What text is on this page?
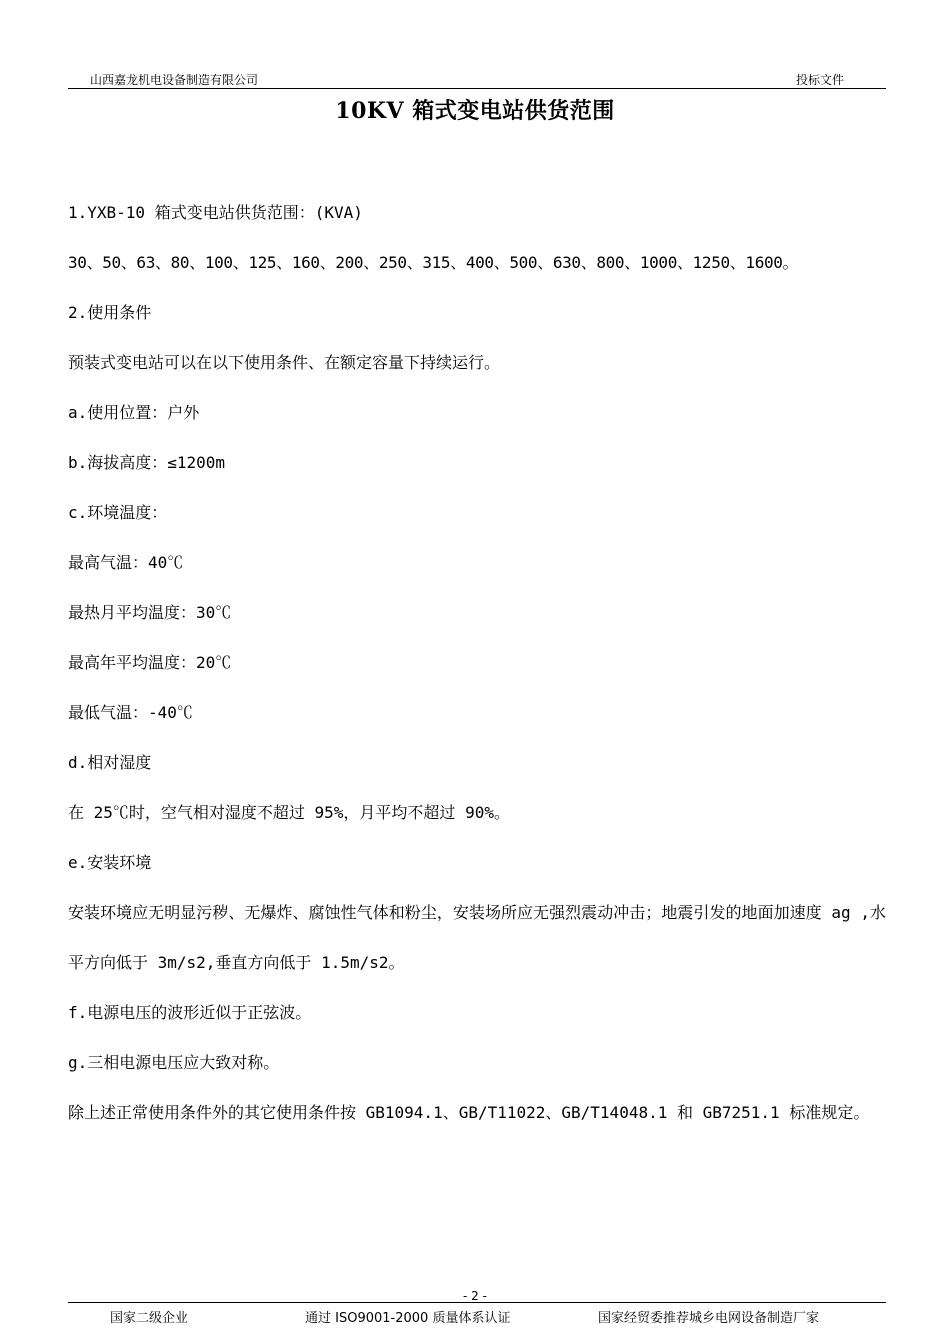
山西嘉龙机电设备制造有限公司	投标文件
10KV 箱式变电站供货范围
1.YXB-10 箱式变电站供货范围：(KVA)
30、50、63、80、100、125、160、200、250、315、400、500、630、800、1000、1250、1600。
2.使用条件
预装式变电站可以在以下使用条件、在额定容量下持续运行。
a.使用位置：户外
b.海拔高度：≤1200m
c.环境温度：
最高气温：40℃
最热月平均温度：30℃
最高年平均温度：20℃
最低气温：-40℃
d.相对湿度
在 25℃时，空气相对湿度不超过 95%，月平均不超过 90%。
e.安装环境
安装环境应无明显污秽、无爆炸、腐蚀性气体和粉尘，安装场所应无强烈震动冲击；地震引发的地面加速度 ag ,水平方向低于 3m/s2,垂直方向低于 1.5m/s2。
f.电源电压的波形近似于正弦波。
g.三相电源电压应大致对称。
除上述正常使用条件外的其它使用条件按 GB1094.1、GB/T11022、GB/T14048.1 和 GB7251.1 标准规定。
- 2 -
国家二级企业	通过 ISO9001-2000 质量体系认证	国家经贸委推荐城乡电网设备制造厂家
